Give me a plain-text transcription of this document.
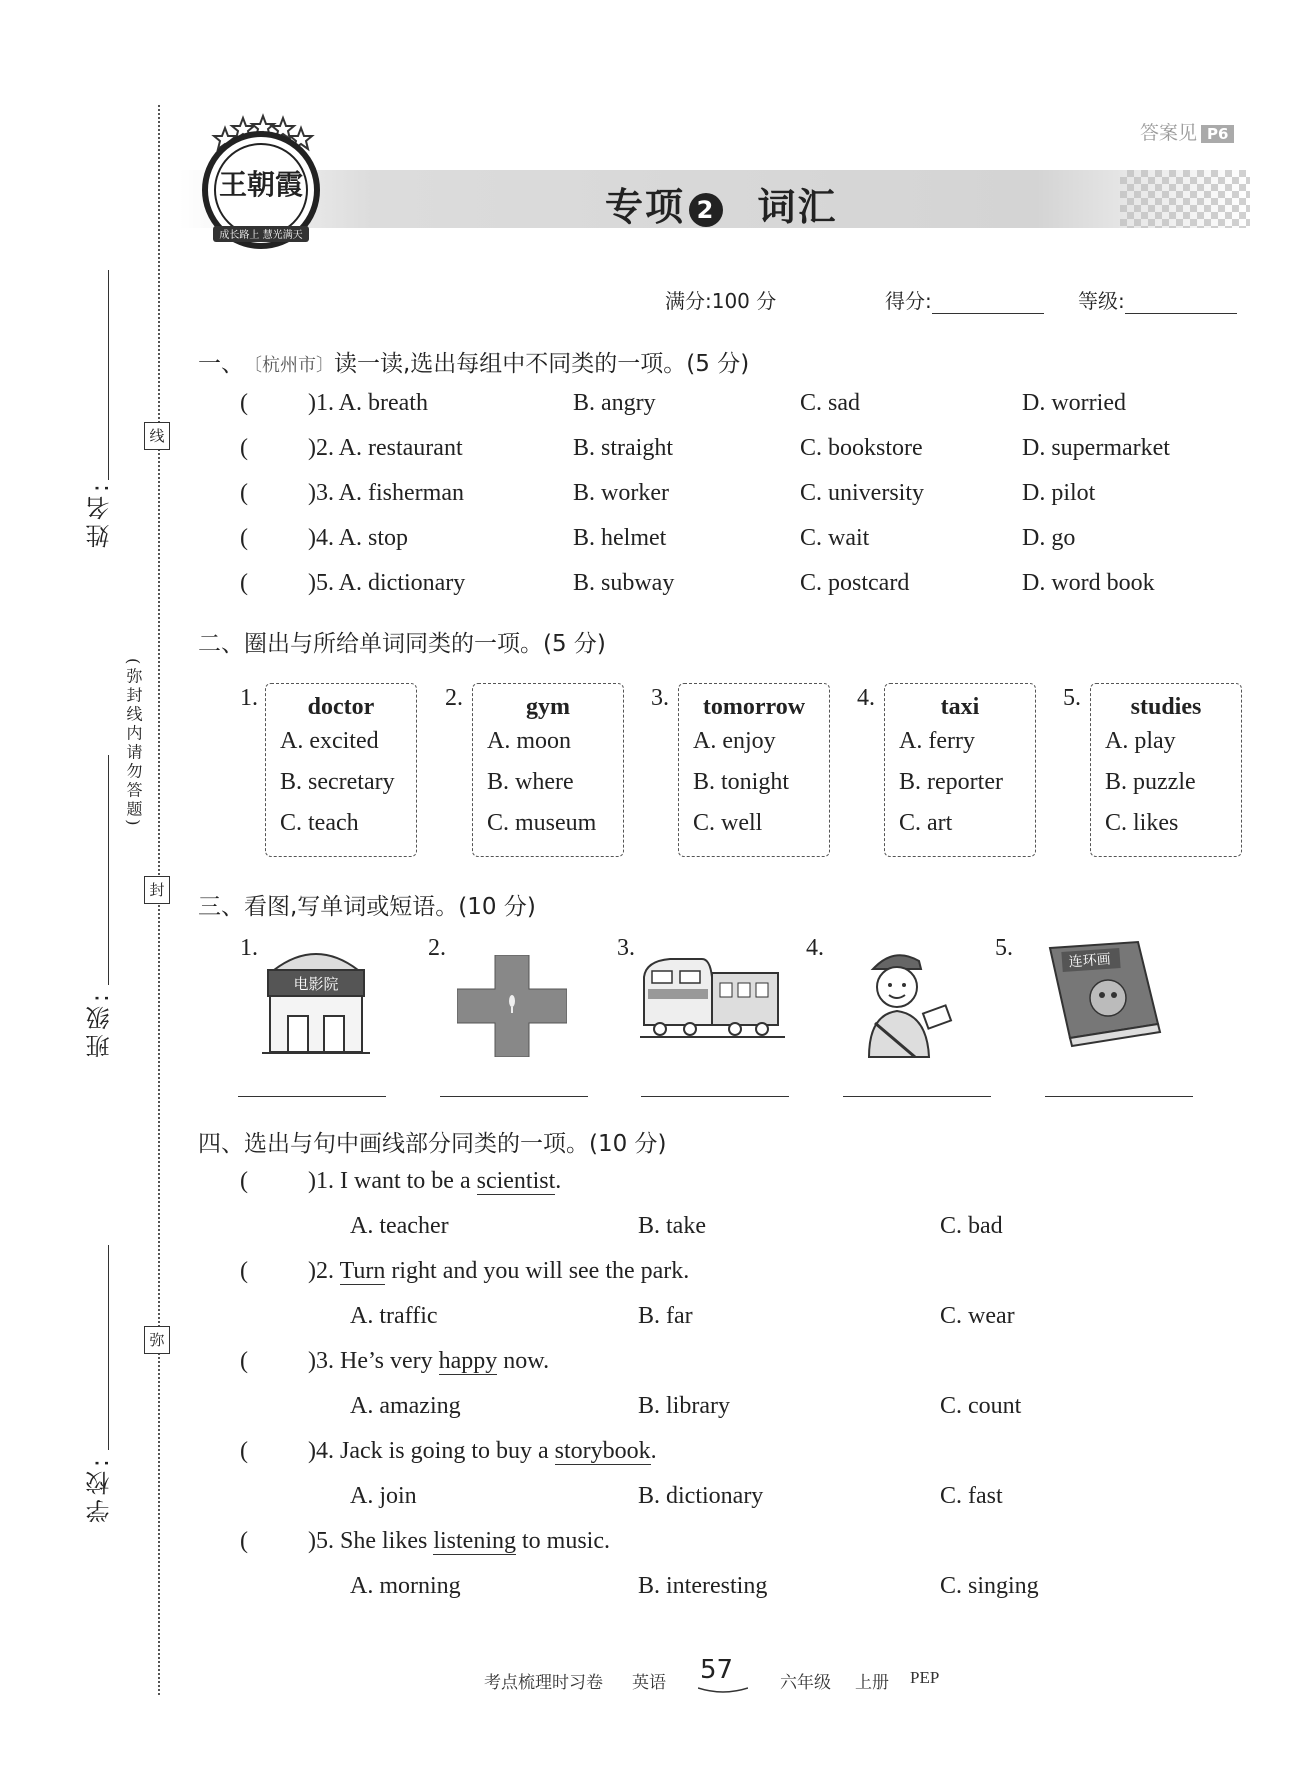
线
封
弥
(弥封线内请勿答题)
姓名:
班级:
学校:
王朝霞
成长路上 慧光满天
专项 2 词汇
答案见 P6
满分:100 分	得分:	等级:
一、〔杭州市〕读一读,选出每组中不同类的一项。(5 分)
(	)1. A. breath	B. angry	C. sad	D. worried
(	)2. A. restaurant	B. straight	C. bookstore	D. supermarket
(	)3. A. fisherman	B. worker	C. university	D. pilot
(	)4. A. stop	B. helmet	C. wait	D. go
(	)5. A. dictionary	B. subway	C. postcard	D. word book
二、圈出与所给单词同类的一项。(5 分)
1.	doctor
A. excited
B. secretary
C. teach
2.	gym
A. moon
B. where
C. museum
3.	tomorrow
A. enjoy
B. tonight
C. well
4.	taxi
A. ferry
B. reporter
C. art
5.	studies
A. play
B. puzzle
C. likes
三、看图,写单词或短语。(10 分)
1.
电影院
2.	3.	4.	5.
连环画
四、选出与句中画线部分同类的一项。(10 分)
(	)1. I want to be a scientist.
A. teacher	B. take	C. bad
(	)2. Turn right and you will see the park.
A. traffic	B. far	C. wear
(	)3. He’s very happy now.
A. amazing	B. library	C. count
(	)4. Jack is going to buy a storybook.
A. join	B. dictionary	C. fast
(	)5. She likes listening to music.
A. morning	B. interesting	C. singing
考点梳理时习卷 英语 57	六年级 上册 PEP
